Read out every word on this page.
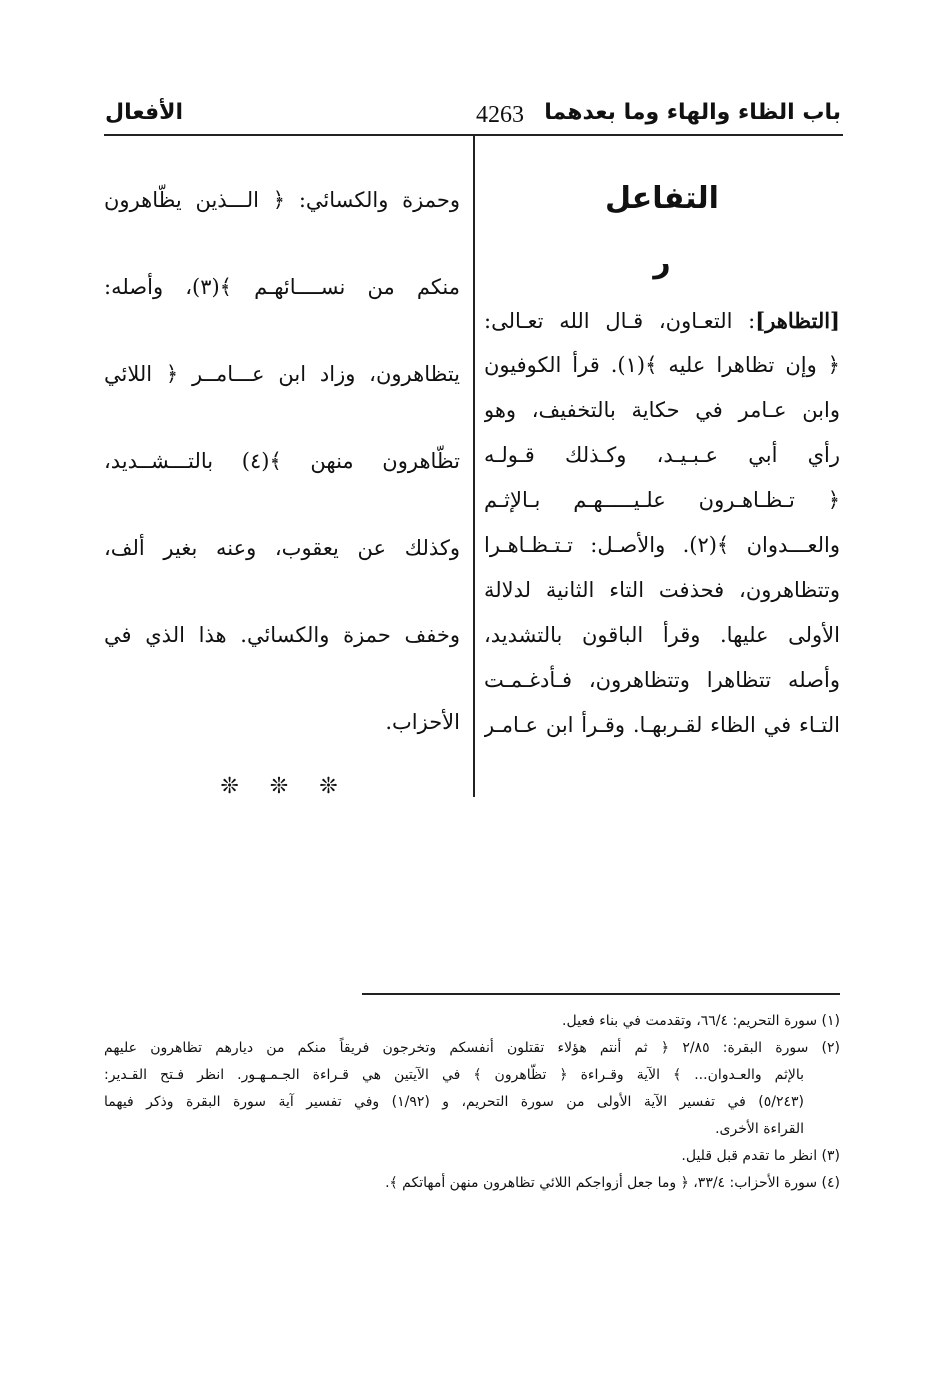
باب الظاء والهاء وما بعدهما
4263
الأفعال
التفاعل
ر
[التظاهر]: التعـاون، قـال الله تعـالى:
﴿ وإن تظاهرا عليه ﴾(١). قرأ الكوفيون
وابن عـامر في حكاية بالتخفيف، وهو
رأي أبي عـبـيـد، وكـذلك قـولـه
﴿ تـظـاهـرون علـيـــــهـم بـالإثـم
والعـــدوان ﴾(٢). والأصـل: تـتـظـاهـرا
وتتظاهرون، فحذفت التاء الثانية لدلالة
الأولى عليها. وقرأ الباقون بالتشديد،
وأصله تتظاهرا وتتظاهرون، فـأدغـمـت
التـاء في الظاء لقـربهـا. وقـرأ ابن عـامـر
وحمزة والكسائي: ﴿ الـــذين يظّاهرون
منكم من نســــائهـم ﴾(٣)، وأصله:
يتظاهرون، وزاد ابن عـــامــر ﴿ اللائي
تظّاهرون منهن ﴾(٤) بالتـــشــديد،
وكذلك عن يعقوب، وعنه بغير ألف،
وخفف حمزة والكسائي. هذا الذي في
الأحزاب.
❊ ❊ ❊
(١) سورة التحريم: ٦٦/٤، وتقدمت في بناء فعيل.
(٢) سورة البقرة: ٢/٨٥ ﴿ ثم أنتم هؤلاء تقتلون أنفسكم وتخرجون فريقاً منكم من ديارهم تظاهرون عليهم
بالإثم والعـدوان... ﴾ الآية وقـراءة ﴿ تظّاهرون ﴾ في الآيتين هي قـراءة الجـمـهـور. انظر فـتح القـدير:
(٥/٢٤٣) في تفسير الآية الأولى من سورة التحريم، و (١/٩٢) وفي تفسير آية سورة البقرة وذكر فيهما
القراءة الأخرى.
(٣) انظر ما تقدم قبل قليل.
(٤) سورة الأحزاب: ٣٣/٤، ﴿ وما جعل أزواجكم اللائي تظاهرون منهن أمهاتكم ﴾.
